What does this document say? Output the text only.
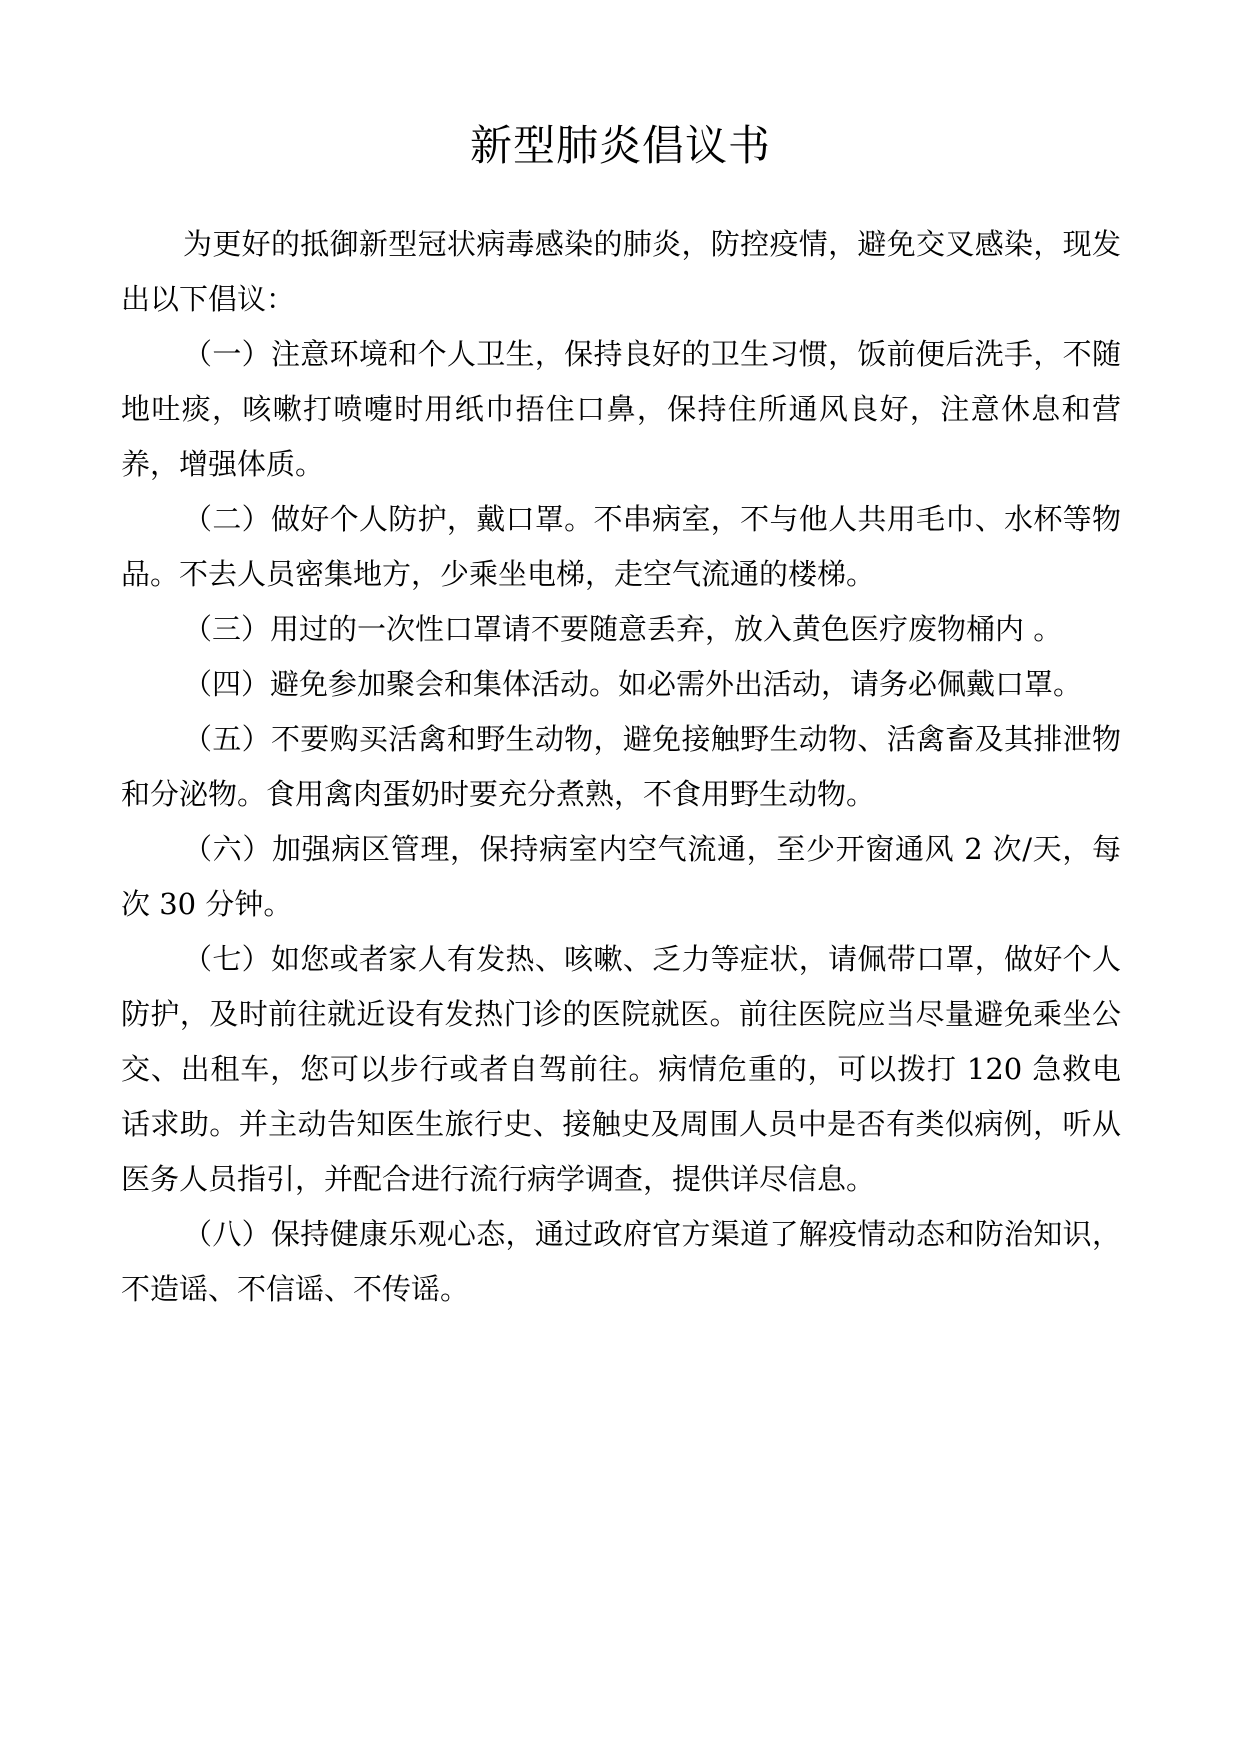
新型肺炎倡议书

为更好的抵御新型冠状病毒感染的肺炎，防控疫情，避免交叉感染，现发出以下倡议：

（一）注意环境和个人卫生，保持良好的卫生习惯，饭前便后洗手，不随地吐痰，咳嗽打喷嚏时用纸巾捂住口鼻，保持住所通风良好，注意休息和营养，增强体质。

（二）做好个人防护，戴口罩。不串病室，不与他人共用毛巾、水杯等物品。不去人员密集地方，少乘坐电梯，走空气流通的楼梯。

（三）用过的一次性口罩请不要随意丢弃，放入黄色医疗废物桶内 。

（四）避免参加聚会和集体活动。如必需外出活动，请务必佩戴口罩。

（五）不要购买活禽和野生动物，避免接触野生动物、活禽畜及其排泄物和分泌物。食用禽肉蛋奶时要充分煮熟，不食用野生动物。

（六）加强病区管理，保持病室内空气流通，至少开窗通风 2 次/天，每次 30 分钟。

（七）如您或者家人有发热、咳嗽、乏力等症状，请佩带口罩，做好个人防护，及时前往就近设有发热门诊的医院就医。前往医院应当尽量避免乘坐公交、出租车，您可以步行或者自驾前往。病情危重的，可以拨打 120 急救电话求助。并主动告知医生旅行史、接触史及周围人员中是否有类似病例，听从医务人员指引，并配合进行流行病学调查，提供详尽信息。

（八）保持健康乐观心态，通过政府官方渠道了解疫情动态和防治知识，不造谣、不信谣、不传谣。
